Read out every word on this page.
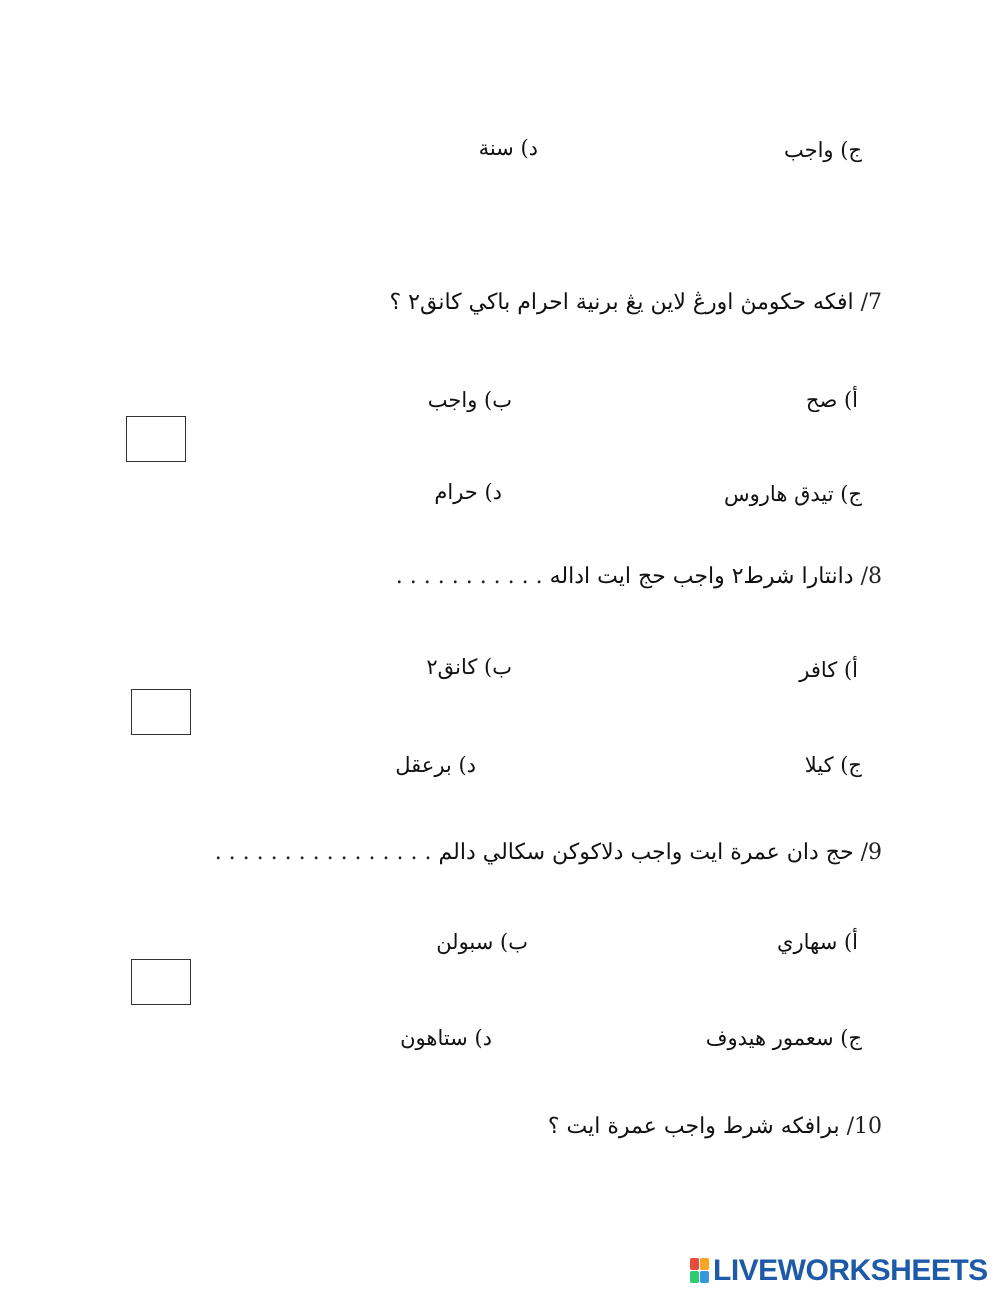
ج) واجب
د) سنة
7/ افكه حكومڽ اورڠ لاين يڠ برنية احرام باکي كانق٢ ؟
أ) صح
ب) واجب
ج) تيدق هاروس
د) حرام
8/ دانتارا شرط٢ واجب حج ايت اداله . . . . . . . . . . .
أ) كافر
ب) كانق٢
ج) كيلا
د) برعقل
9/ حج دان عمرة ايت واجب دلاكوكن سكالي دالم . . . . . . . . . . . . . . . .
أ) سهاري
ب) سبولن
ج) سعمور هيدوف
د) ستاهون
10/ برافكه شرط واجب عمرة ايت ؟
LIVEWORKSHEETS
